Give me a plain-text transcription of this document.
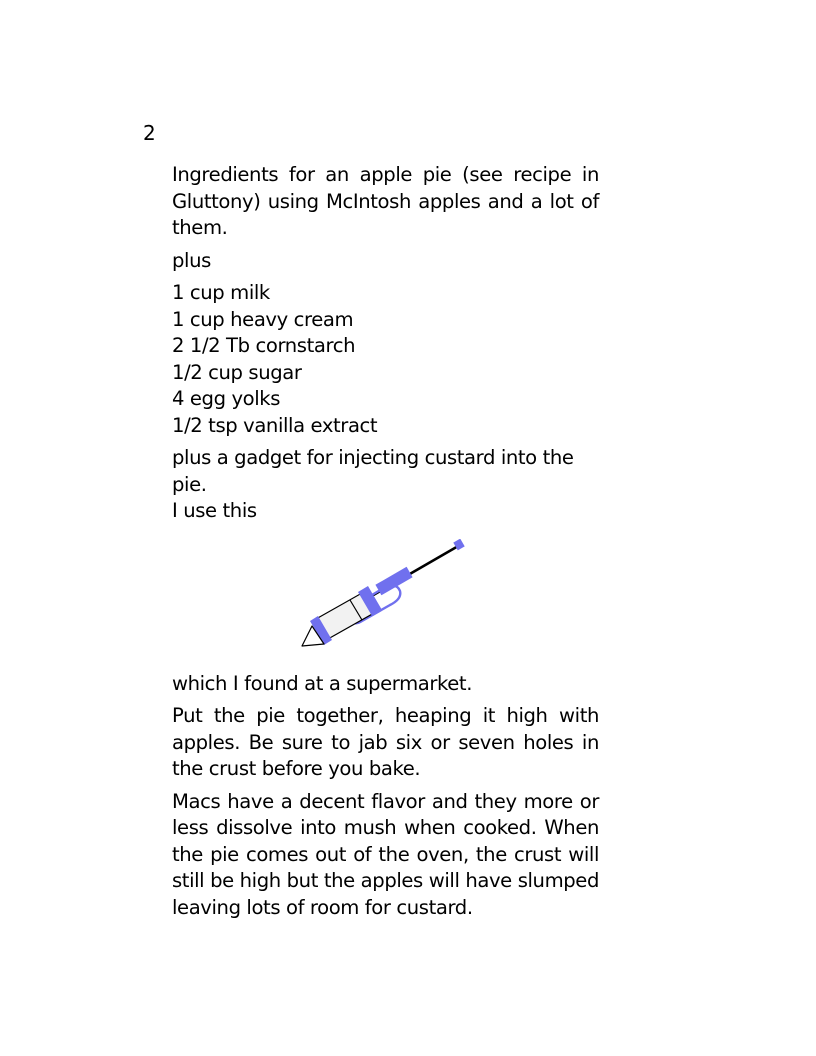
2

Ingredients for an apple pie (see recipe in Gluttony) using McIntosh apples and a lot of them.

plus

1 cup milk
1 cup heavy cream
2 1/2 Tb cornstarch
1/2 cup sugar
4 egg yolks
1/2 tsp vanilla extract

plus a gadget for injecting custard into the pie.

I use this

which I found at a supermarket.

Put the pie together, heaping it high with apples. Be sure to jab six or seven holes in the crust before you bake.

Macs have a decent flavor and they more or less dissolve into mush when cooked. When the pie comes out of the oven, the crust will still be high but the apples will have slumped leaving lots of room for custard.
